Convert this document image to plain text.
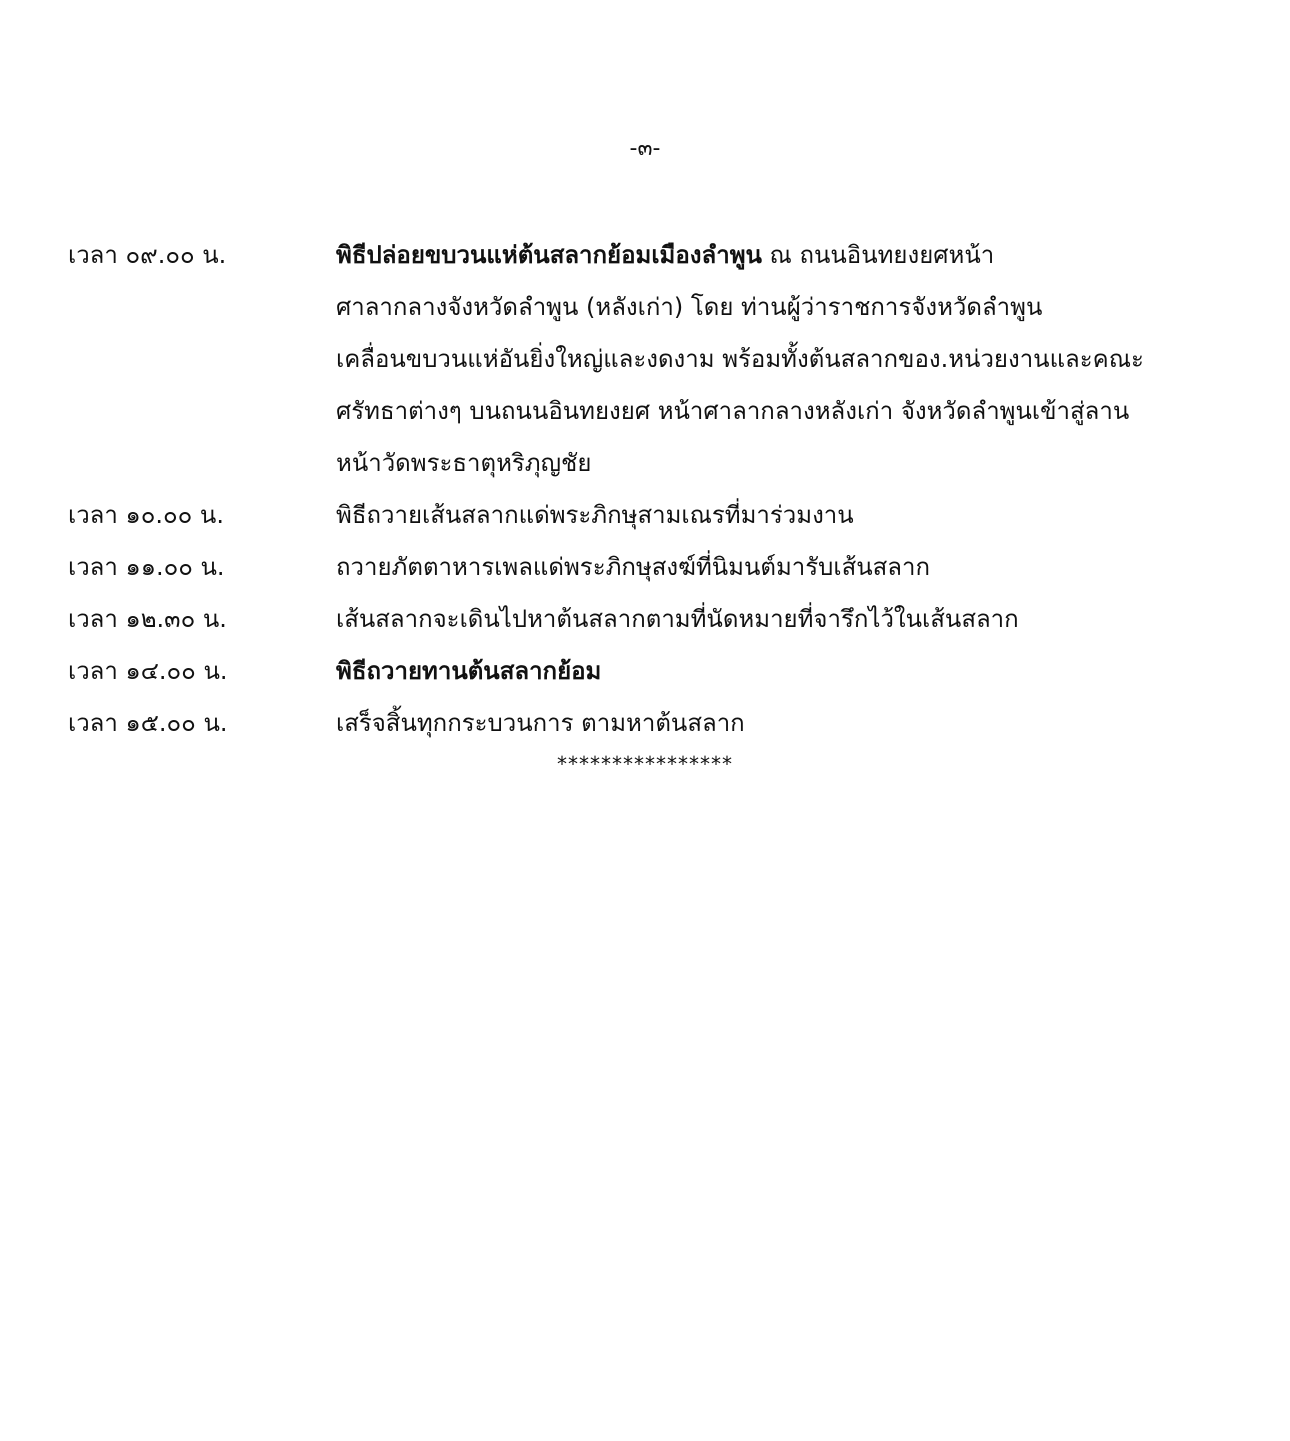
-๓-
เวลา ๐๙.๐๐ น.	พิธีปล่อยขบวนแห่ต้นสลากย้อมเมืองลำพูน ณ ถนนอินทยงยศหน้า
ศาลากลางจังหวัดลำพูน (หลังเก่า) โดย ท่านผู้ว่าราชการจังหวัดลำพูน
เคลื่อนขบวนแห่อันยิ่งใหญ่และงดงาม พร้อมทั้งต้นสลากของ.หน่วยงานและคณะ
ศรัทธาต่างๆ บนถนนอินทยงยศ หน้าศาลากลางหลังเก่า จังหวัดลำพูนเข้าสู่ลาน
หน้าวัดพระธาตุหริภุญชัย
เวลา ๑๐.๐๐ น.	พิธีถวายเส้นสลากแด่พระภิกษุสามเณรที่มาร่วมงาน
เวลา ๑๑.๐๐ น.	ถวายภัตตาหารเพลแด่พระภิกษุสงฆ์ที่นิมนต์มารับเส้นสลาก
เวลา ๑๒.๓๐ น.	เส้นสลากจะเดินไปหาต้นสลากตามที่นัดหมายที่จารึกไว้ในเส้นสลาก
เวลา ๑๔.๐๐ น.	พิธีถวายทานต้นสลากย้อม
เวลา ๑๕.๐๐ น.	เสร็จสิ้นทุกกระบวนการ ตามหาต้นสลาก
****************
